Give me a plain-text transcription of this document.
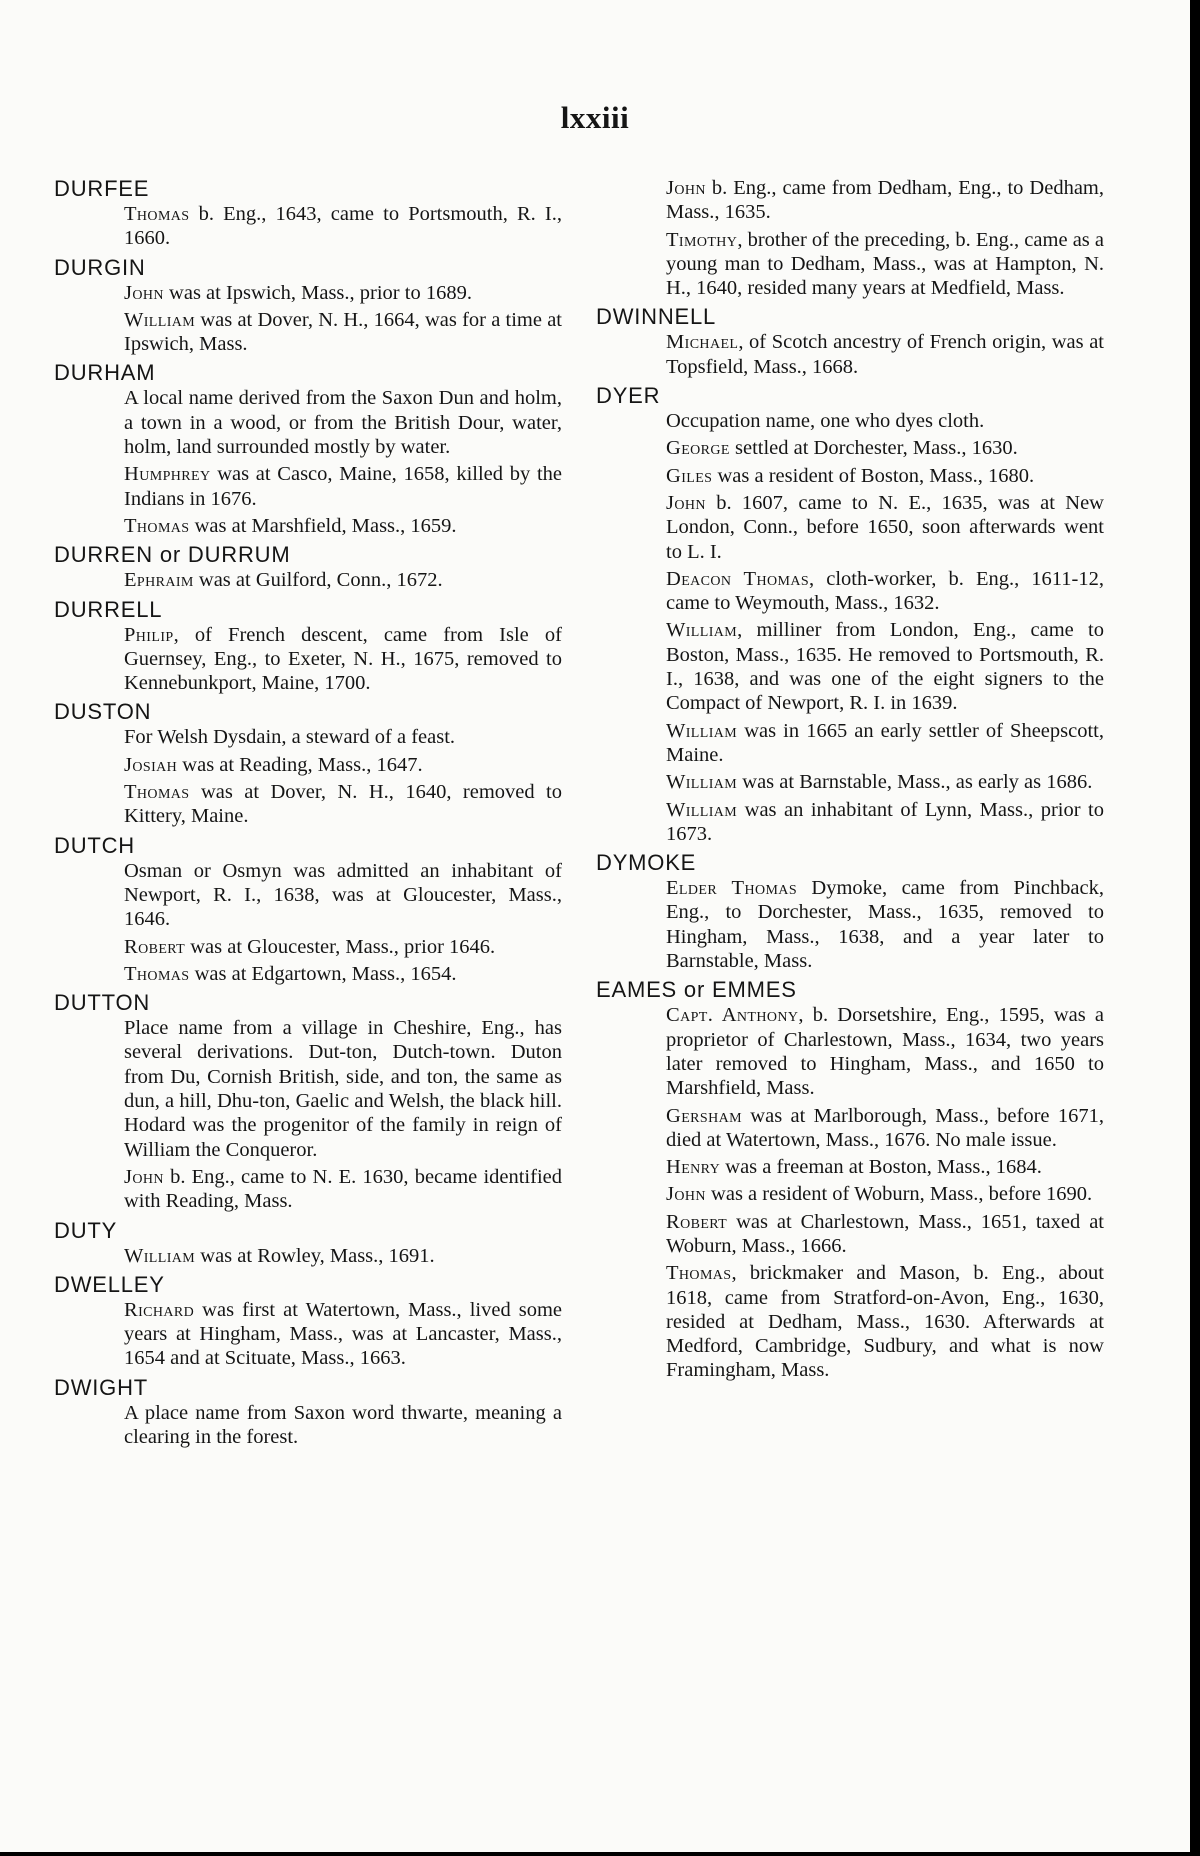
lxxiii
DURFEE

Thomas b. Eng., 1643, came to Portsmouth, R. I., 1660.

DURGIN

John was at Ipswich, Mass., prior to 1689.

William was at Dover, N. H., 1664, was for a time at Ipswich, Mass.

DURHAM

A local name derived from the Saxon Dun and holm, a town in a wood, or from the British Dour, water, holm, land surrounded mostly by water.

Humphrey was at Casco, Maine, 1658, killed by the Indians in 1676.

Thomas was at Marshfield, Mass., 1659.

DURREN or DURRUM

Ephraim was at Guilford, Conn., 1672.

DURRELL

Philip, of French descent, came from Isle of Guernsey, Eng., to Exeter, N. H., 1675, removed to Kennebunkport, Maine, 1700.

DUSTON

For Welsh Dysdain, a steward of a feast.

Josiah was at Reading, Mass., 1647.

Thomas was at Dover, N. H., 1640, removed to Kittery, Maine.

DUTCH

Osman or Osmyn was admitted an inhabitant of Newport, R. I., 1638, was at Gloucester, Mass., 1646.

Robert was at Gloucester, Mass., prior 1646.

Thomas was at Edgartown, Mass., 1654.

DUTTON

Place name from a village in Cheshire, Eng., has several derivations. Dut-ton, Dutch-town. Duton from Du, Cornish British, side, and ton, the same as dun, a hill, Dhu-ton, Gaelic and Welsh, the black hill. Hodard was the progenitor of the family in reign of William the Conqueror.

John b. Eng., came to N. E. 1630, became identified with Reading, Mass.

DUTY

William was at Rowley, Mass., 1691.

DWELLEY

Richard was first at Watertown, Mass., lived some years at Hingham, Mass., was at Lancaster, Mass., 1654 and at Scituate, Mass., 1663.

DWIGHT

A place name from Saxon word thwarte, meaning a clearing in the forest.

John b. Eng., came from Dedham, Eng., to Dedham, Mass., 1635.

Timothy, brother of the preceding, b. Eng., came as a young man to Dedham, Mass., was at Hampton, N. H., 1640, resided many years at Medfield, Mass.

DWINNELL

Michael, of Scotch ancestry of French origin, was at Topsfield, Mass., 1668.

DYER

Occupation name, one who dyes cloth.

George settled at Dorchester, Mass., 1630.

Giles was a resident of Boston, Mass., 1680.

John b. 1607, came to N. E., 1635, was at New London, Conn., before 1650, soon afterwards went to L. I.

Deacon Thomas, cloth-worker, b. Eng., 1611-12, came to Weymouth, Mass., 1632.

William, milliner from London, Eng., came to Boston, Mass., 1635. He removed to Portsmouth, R. I., 1638, and was one of the eight signers to the Compact of Newport, R. I. in 1639.

William was in 1665 an early settler of Sheepscott, Maine.

William was at Barnstable, Mass., as early as 1686.

William was an inhabitant of Lynn, Mass., prior to 1673.

DYMOKE

Elder Thomas Dymoke, came from Pinchback, Eng., to Dorchester, Mass., 1635, removed to Hingham, Mass., 1638, and a year later to Barnstable, Mass.

EAMES or EMMES

Capt. Anthony, b. Dorsetshire, Eng., 1595, was a proprietor of Charlestown, Mass., 1634, two years later removed to Hingham, Mass., and 1650 to Marshfield, Mass.

Gersham was at Marlborough, Mass., before 1671, died at Watertown, Mass., 1676. No male issue.

Henry was a freeman at Boston, Mass., 1684.

John was a resident of Woburn, Mass., before 1690.

Robert was at Charlestown, Mass., 1651, taxed at Woburn, Mass., 1666.

Thomas, brickmaker and Mason, b. Eng., about 1618, came from Stratford-on-Avon, Eng., 1630, resided at Dedham, Mass., 1630. Afterwards at Medford, Cambridge, Sudbury, and what is now Framingham, Mass.
